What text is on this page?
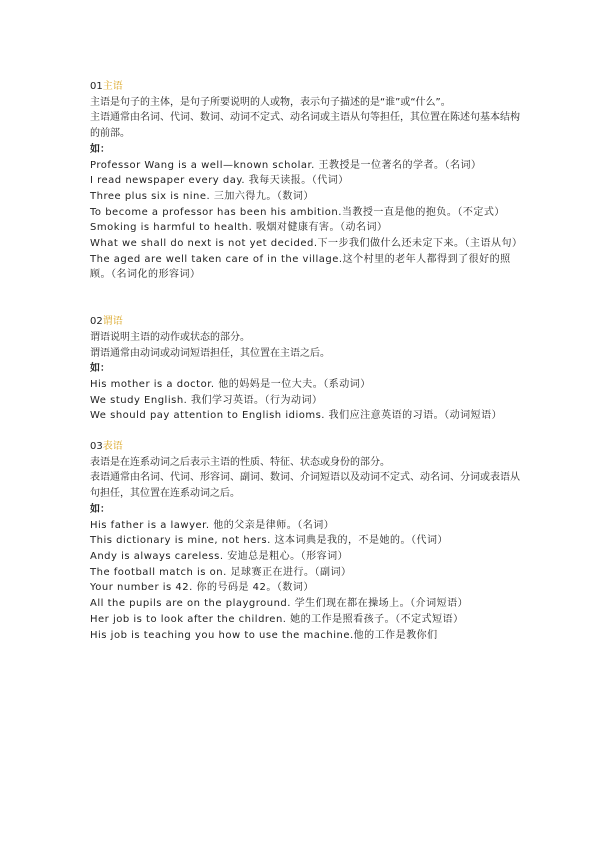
01主语
主语是句子的主体，是句子所要说明的人或物，表示句子描述的是“谁”或“什么”。
主语通常由名词、代词、数词、动词不定式、动名词或主语从句等担任，其位置在陈述句基本结构的前部。
如：
Professor Wang is a well—known scholar. 王教授是一位著名的学者。（名词）
I read newspaper every day. 我每天读报。（代词）
Three plus six is nine. 三加六得九。（数词）
To become a professor has been his ambition.当教授一直是他的抱负。（不定式）
Smoking is harmful to health. 吸烟对健康有害。（动名词）
What we shall do next is not yet decided.下一步我们做什么还未定下来。（主语从句）
The aged are well taken care of in the village.这个村里的老年人都得到了很好的照顾。（名词化的形容词）
02谓语
谓语说明主语的动作或状态的部分。
谓语通常由动词或动词短语担任，其位置在主语之后。
如：
His mother is a doctor. 他的妈妈是一位大夫。（系动词）
We study English. 我们学习英语。（行为动词）
We should pay attention to English idioms. 我们应注意英语的习语。（动词短语）
03表语
表语是在连系动词之后表示主语的性质、特征、状态或身份的部分。
表语通常由名词、代词、形容词、副词、数词、介词短语以及动词不定式、动名词、分词或表语从句担任，其位置在连系动词之后。
如：
His father is a lawyer. 他的父亲是律师。（名词）
This dictionary is mine, not hers. 这本词典是我的，不是她的。（代词）
Andy is always careless. 安迪总是粗心。（形容词）
The football match is on. 足球赛正在进行。（副词）
Your number is 42. 你的号码是 42。（数词）
All the pupils are on the playground. 学生们现在都在操场上。（介词短语）
Her job is to look after the children. 她的工作是照看孩子。（不定式短语）
His job is teaching you how to use the machine.他的工作是教你们
